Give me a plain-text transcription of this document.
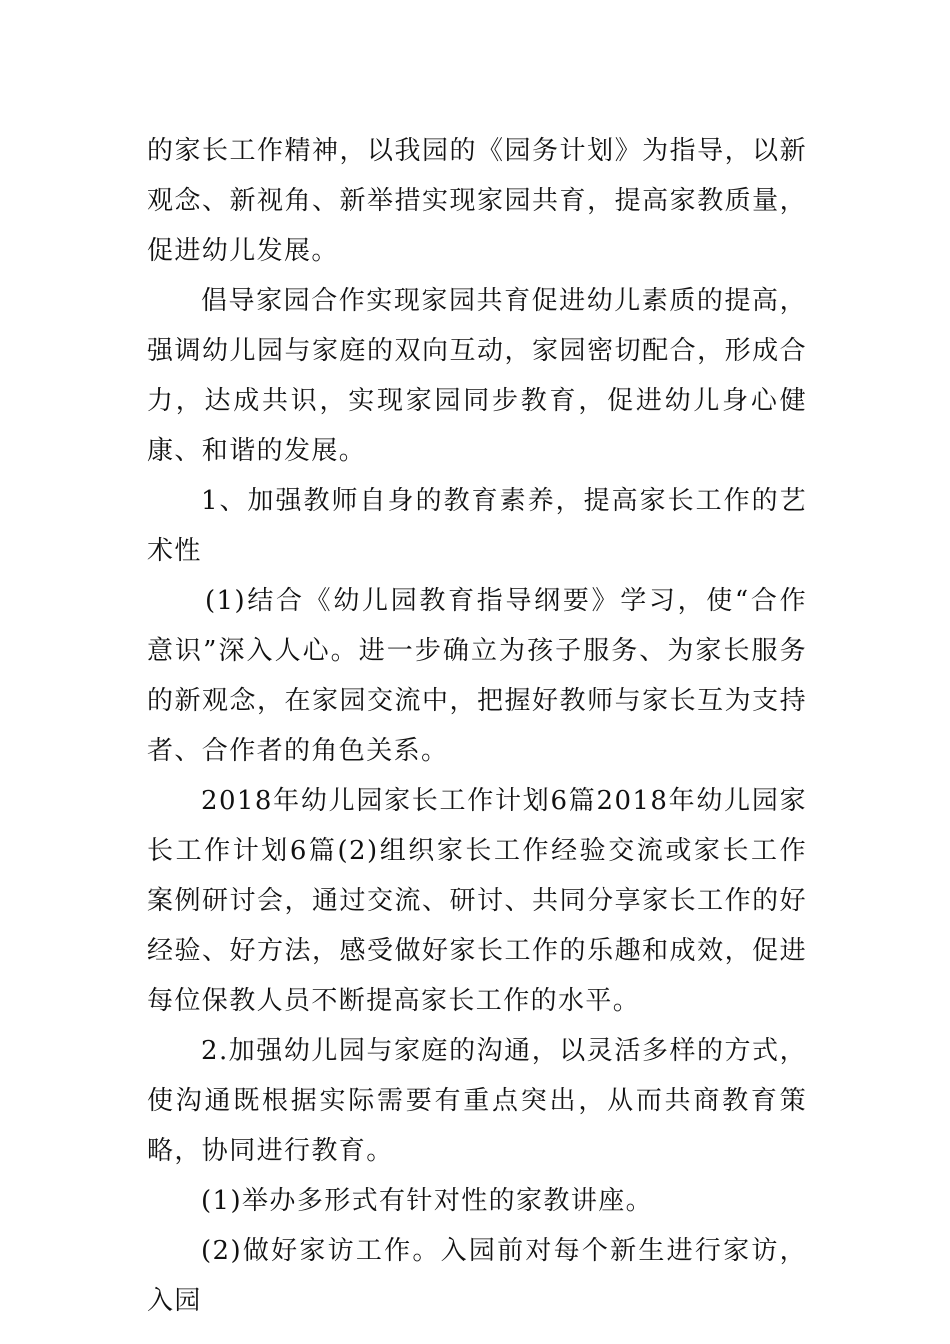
的家长工作精神，以我园的《园务计划》为指导，以新观念、新视角、新举措实现家园共育，提高家教质量，促进幼儿发展。

倡导家园合作实现家园共育促进幼儿素质的提高，强调幼儿园与家庭的双向互动，家园密切配合，形成合力，达成共识，实现家园同步教育，促进幼儿身心健康、和谐的发展。

1、加强教师自身的教育素养，提高家长工作的艺术性

(1)结合《幼儿园教育指导纲要》学习，使“合作意识”深入人心。进一步确立为孩子服务、为家长服务的新观念，在家园交流中，把握好教师与家长互为支持者、合作者的角色关系。

2018年幼儿园家长工作计划6篇2018年幼儿园家长工作计划6篇(2)组织家长工作经验交流或家长工作案例研讨会，通过交流、研讨、共同分享家长工作的好经验、好方法，感受做好家长工作的乐趣和成效，促进每位保教人员不断提高家长工作的水平。

2.加强幼儿园与家庭的沟通，以灵活多样的方式，使沟通既根据实际需要有重点突出，从而共商教育策略，协同进行教育。

(1)举办多形式有针对性的家教讲座。

(2)做好家访工作。入园前对每个新生进行家访，入园
